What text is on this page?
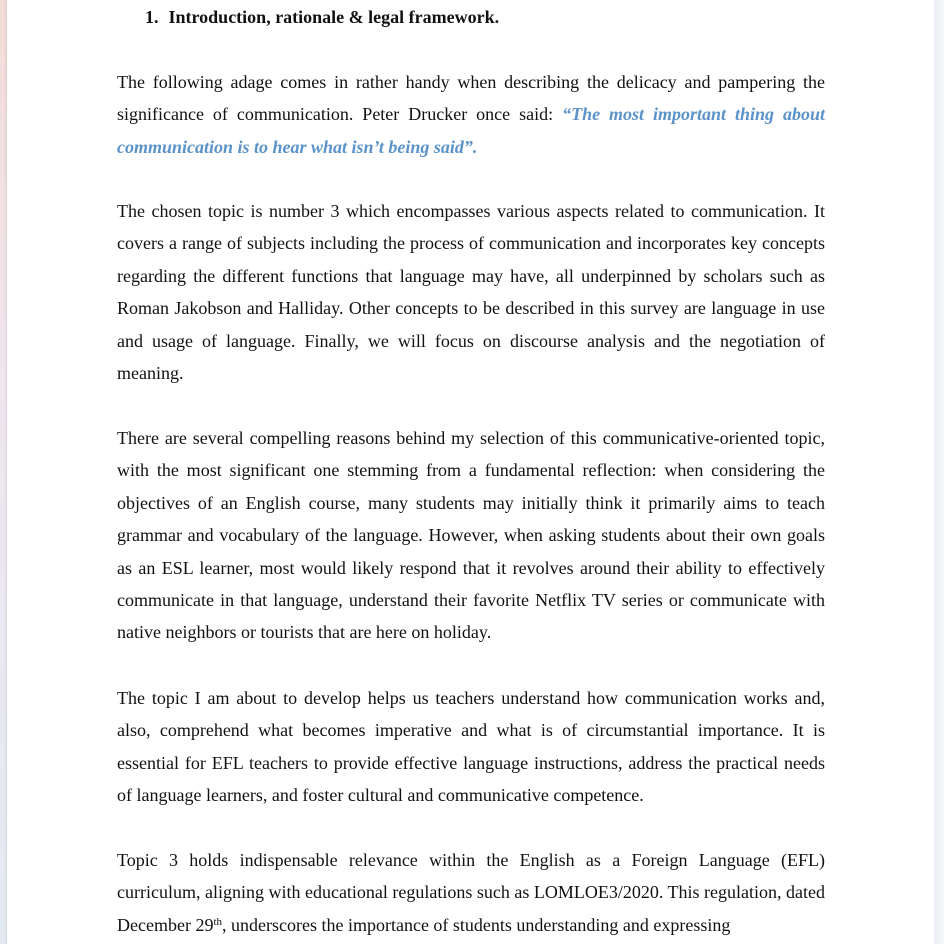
1. Introduction, rationale & legal framework.

The following adage comes in rather handy when describing the delicacy and pampering the significance of communication. Peter Drucker once said: “The most important thing about communication is to hear what isn’t being said”.

The chosen topic is number 3 which encompasses various aspects related to communication. It covers a range of subjects including the process of communication and incorporates key concepts regarding the different functions that language may have, all underpinned by scholars such as Roman Jakobson and Halliday. Other concepts to be described in this survey are language in use and usage of language. Finally, we will focus on discourse analysis and the negotiation of meaning.

There are several compelling reasons behind my selection of this communicative-oriented topic, with the most significant one stemming from a fundamental reflection: when considering the objectives of an English course, many students may initially think it primarily aims to teach grammar and vocabulary of the language. However, when asking students about their own goals as an ESL learner, most would likely respond that it revolves around their ability to effectively communicate in that language, understand their favorite Netflix TV series or communicate with native neighbors or tourists that are here on holiday.

The topic I am about to develop helps us teachers understand how communication works and, also, comprehend what becomes imperative and what is of circumstantial importance. It is essential for EFL teachers to provide effective language instructions, address the practical needs of language learners, and foster cultural and communicative competence.

Topic 3 holds indispensable relevance within the English as a Foreign Language (EFL) curriculum, aligning with educational regulations such as LOMLOE3/2020. This regulation, dated December 29th, underscores the importance of students understanding and expressing
